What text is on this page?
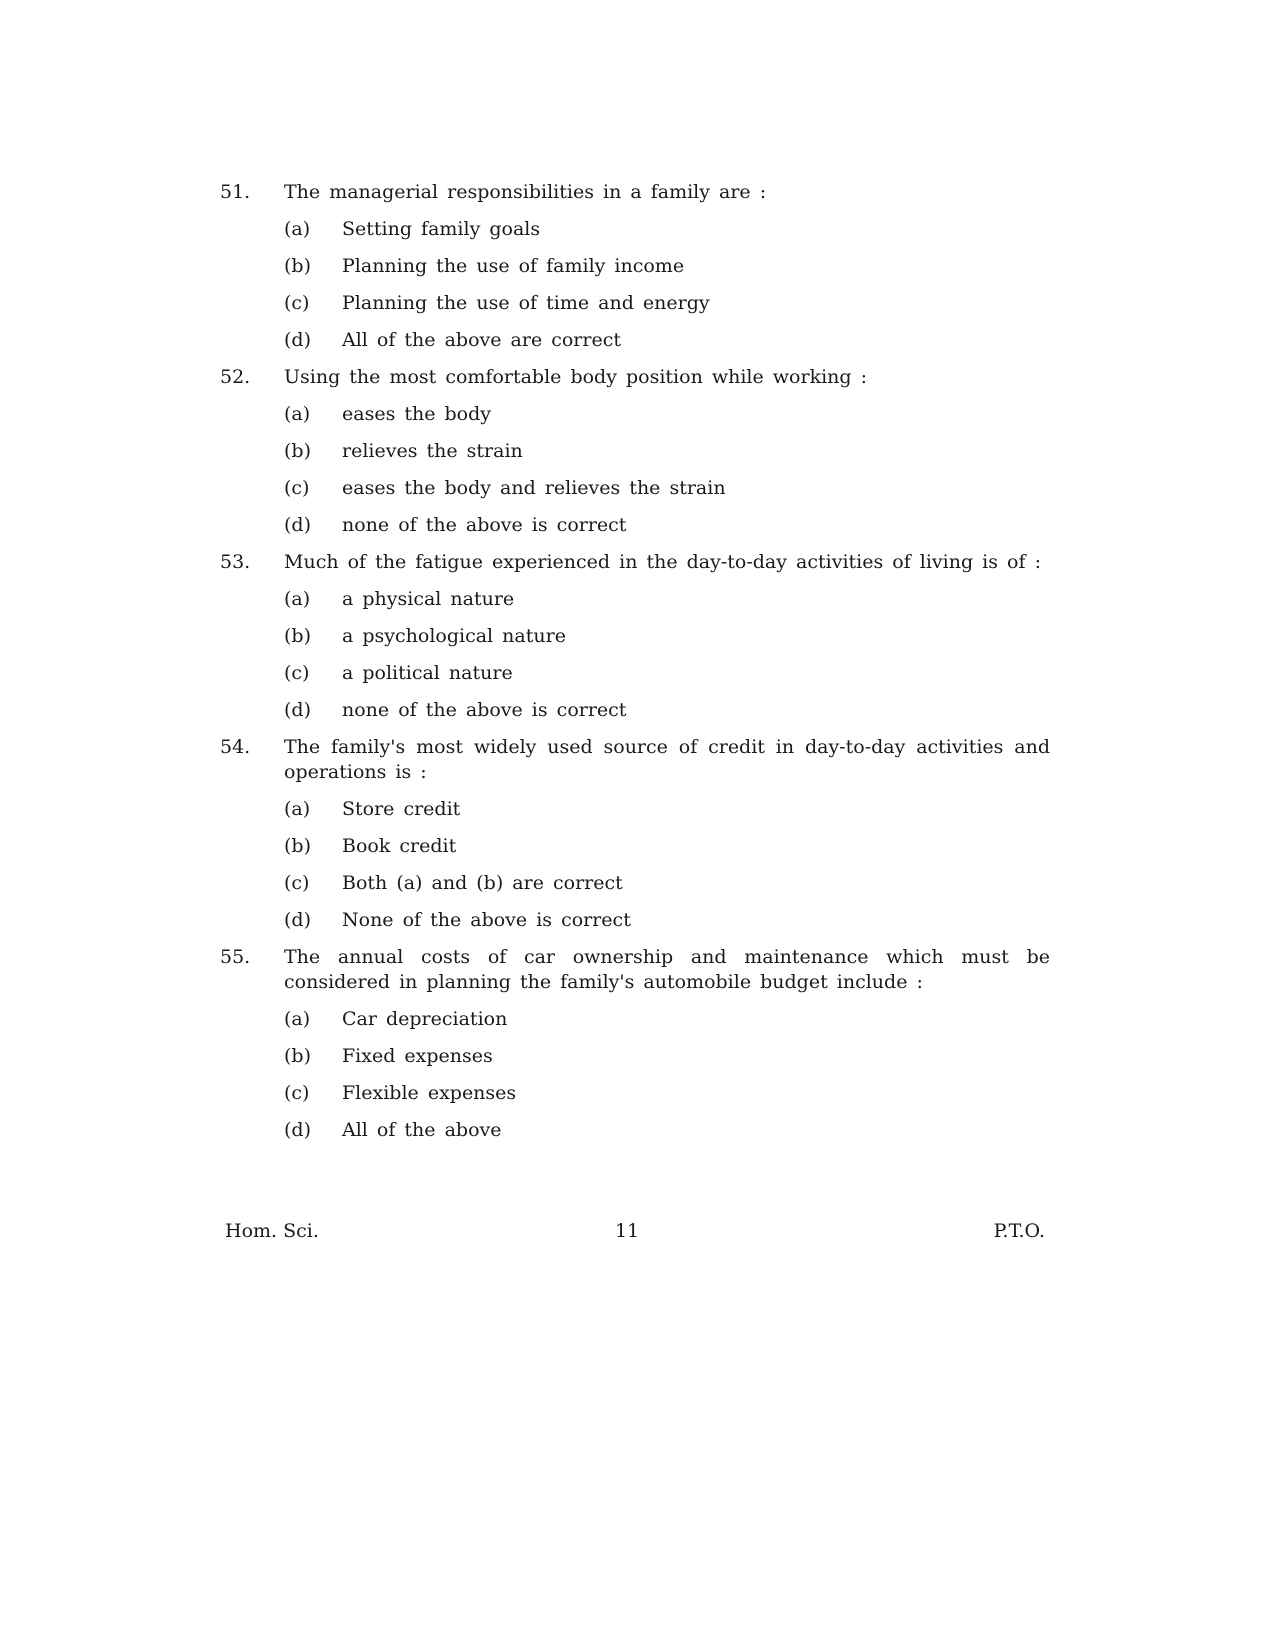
51.	The managerial responsibilities in a family are :
(a)	Setting family goals
(b)	Planning the use of family income
(c)	Planning the use of time and energy
(d)	All of the above are correct
52.	Using the most comfortable body position while working :
(a)	eases the body
(b)	relieves the strain
(c)	eases the body and relieves the strain
(d)	none of the above is correct
53.	Much of the fatigue experienced in the day-to-day activities of living is of :
(a)	a physical nature
(b)	a psychological nature
(c)	a political nature
(d)	none of the above is correct
54.	The family's most widely used source of credit in day-to-day activities and operations is :
(a)	Store credit
(b)	Book credit
(c)	Both (a) and (b) are correct
(d)	None of the above is correct
55.	The annual costs of car ownership and maintenance which must be considered in planning the family's automobile budget include :
(a)	Car depreciation
(b)	Fixed expenses
(c)	Flexible expenses
(d)	All of the above
Hom. Sci.	11	P.T.O.
